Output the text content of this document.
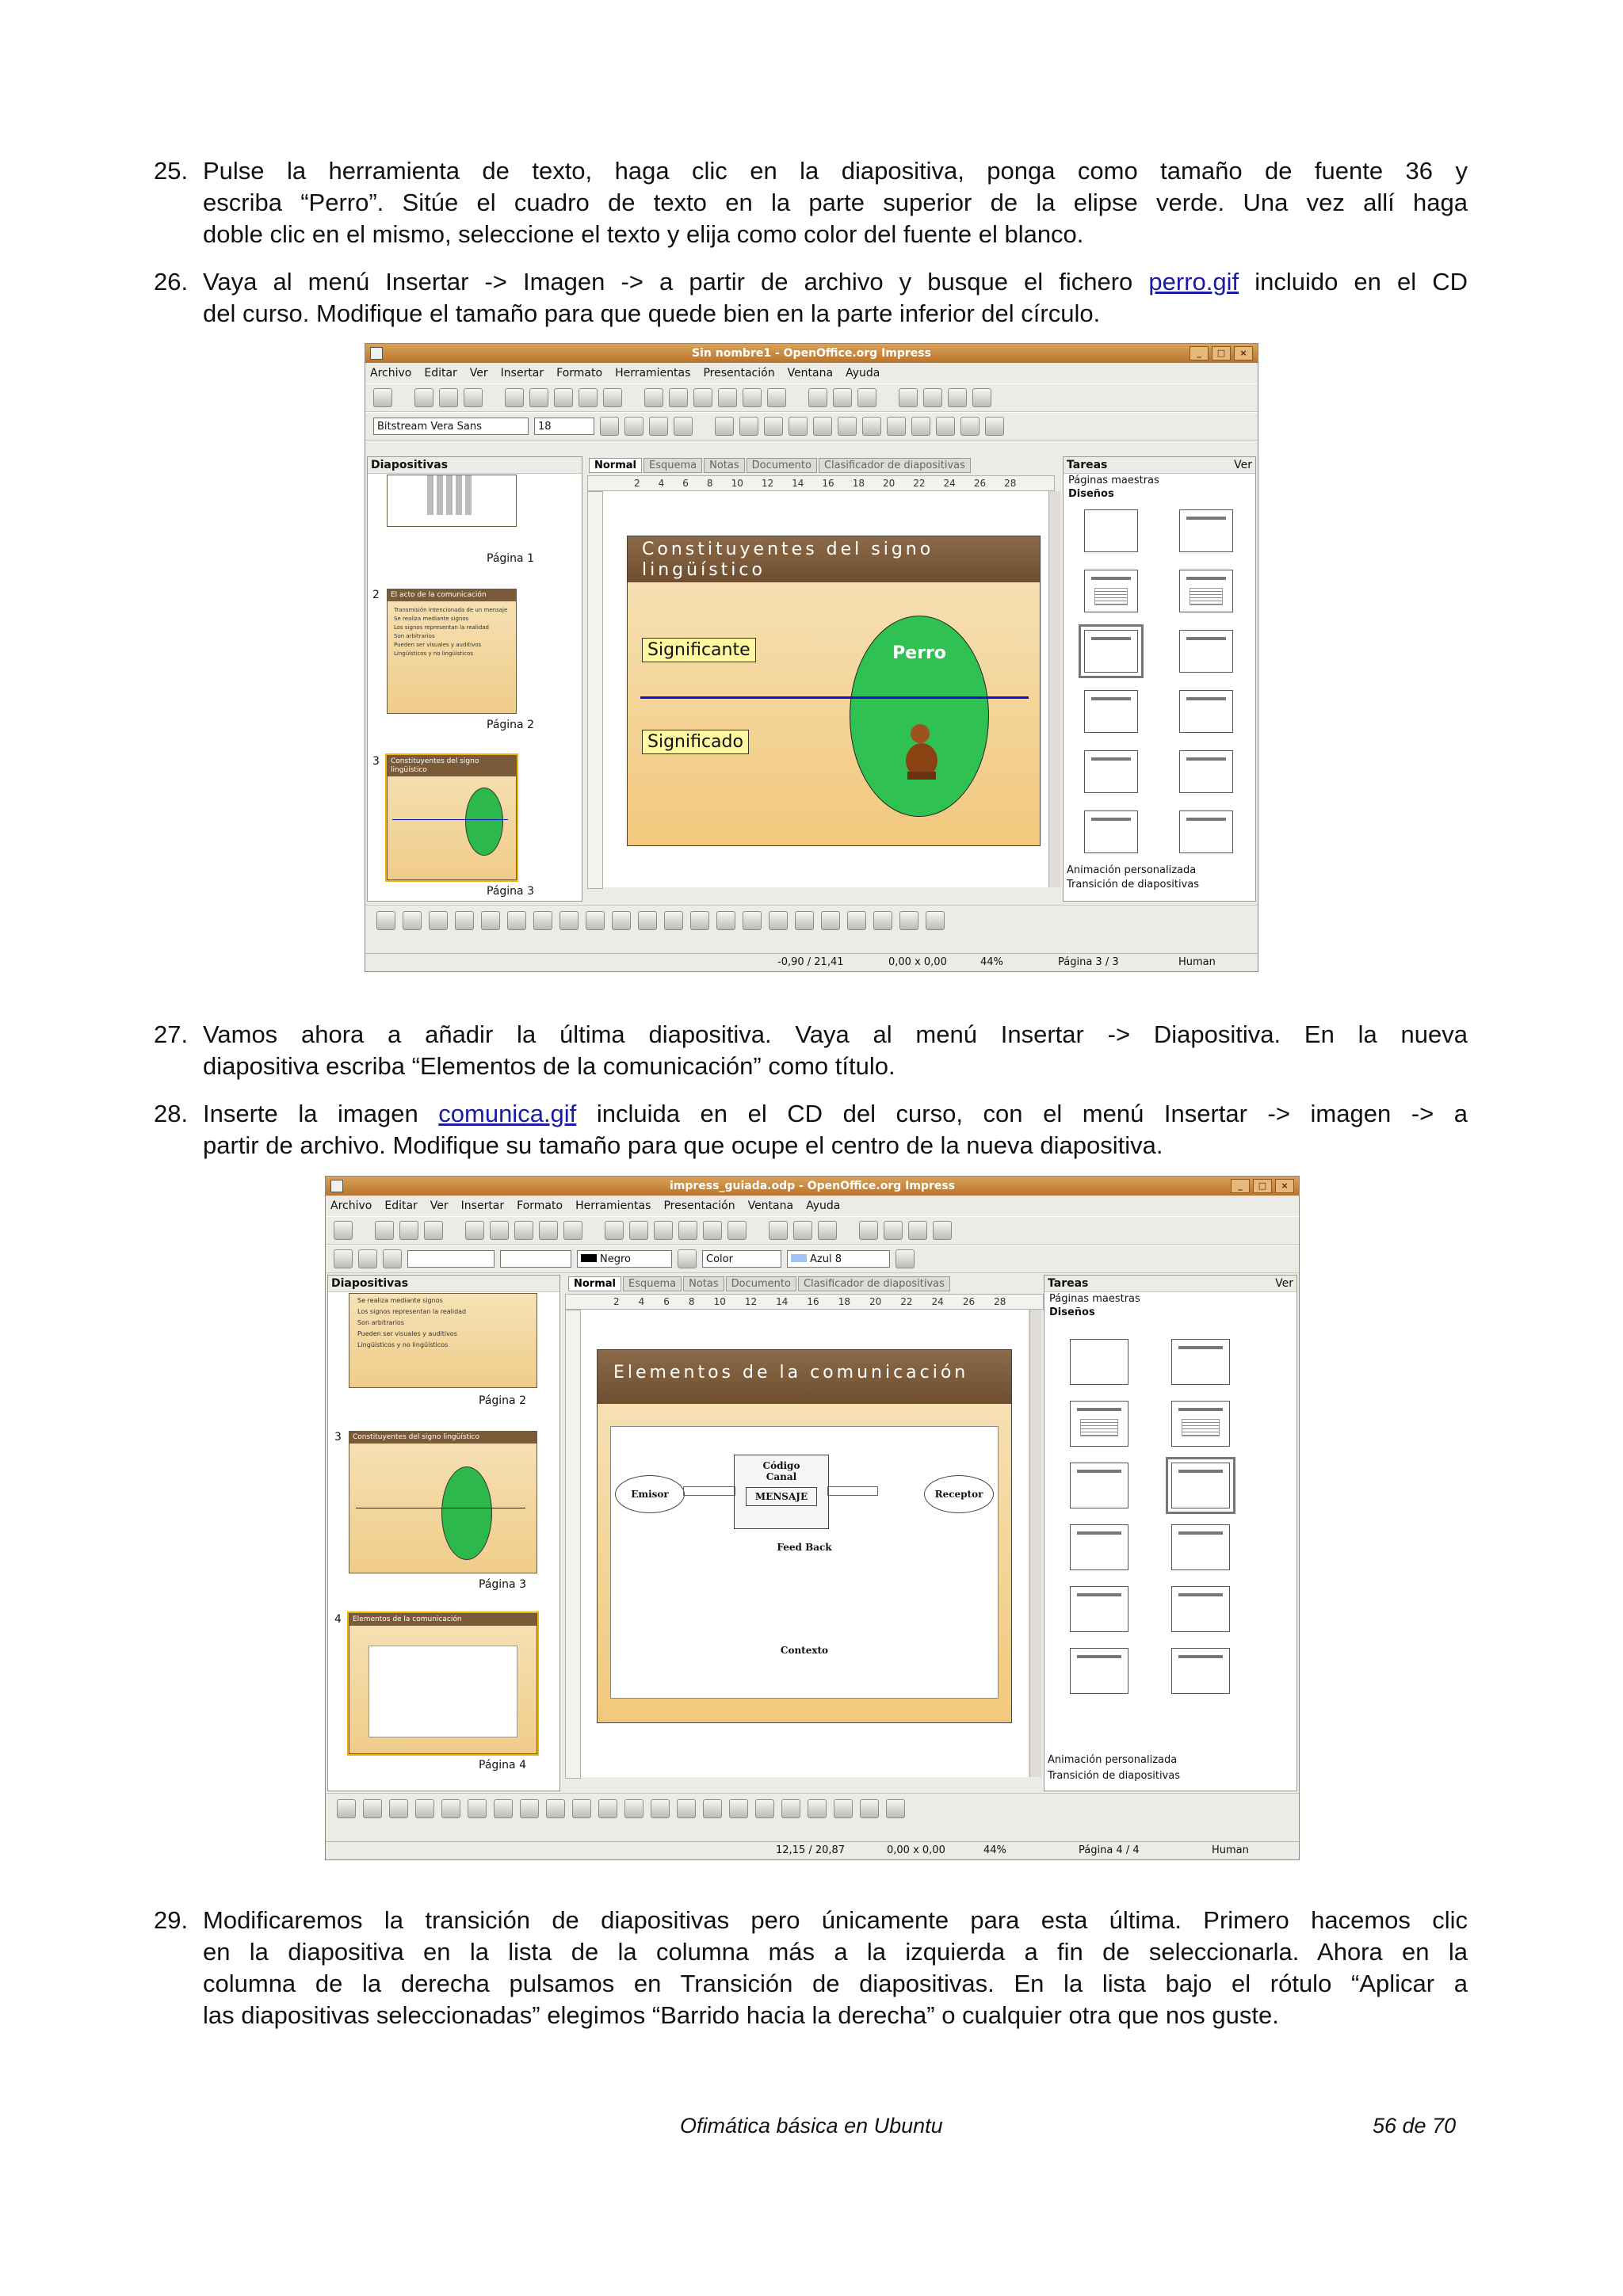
25. Pulse la herramienta de texto, haga clic en la diapositiva, ponga como tamaño de fuente 36 y
escriba “Perro”. Sitúe el cuadro de texto en la parte superior de la elipse verde. Una vez allí haga
doble clic en el mismo, seleccione el texto y elija como color del fuente el blanco.
26. Vaya al menú Insertar -> Imagen -> a partir de archivo y busque el fichero perro.gif incluido en el CD
del curso. Modifique el tamaño para que quede bien en la parte inferior del círculo.
Sin nombre1 - OpenOffice.org Impress	_	□	×
Archivo Editar Ver Insertar Formato Herramientas Presentación Ventana Ayuda
Bitstream Vera Sans	18
Diapositivas
Página 1
2	El acto de la comunicación
Transmisión intencionada de un mensaje
Se realiza mediante signos
Los signos representan la realidad
Son arbitrarios
Pueden ser visuales y auditivos
Lingüísticos y no lingüísticos
Página 2
3	Constituyentes del signo lingüístico
Página 3
Normal	Esquema	Notas	Documento	Clasificador de diapositivas
2 4 6 8 10 12 14 16 18 20 22 24 26 28
Constituyentes del signo lingüístico
Significante	Perro
Significado
Tareas	Ver
Páginas maestras
Diseños
Animación personalizada
Transición de diapositivas
-0,90 / 21,41	0,00 x 0,00	44%	Página 3 / 3	Human
27. Vamos ahora a añadir la última diapositiva. Vaya al menú Insertar -> Diapositiva. En la nueva
diapositiva escriba “Elementos de la comunicación” como título.
28. Inserte la imagen comunica.gif incluida en el CD del curso, con el menú Insertar -> imagen -> a
partir de archivo. Modifique su tamaño para que ocupe el centro de la nueva diapositiva.
impress_guiada.odp - OpenOffice.org Impress	_	□	×
Archivo Editar Ver Insertar Formato Herramientas Presentación Ventana Ayuda
Negro	Color	Azul 8
Diapositivas
Se realiza mediante signos
Los signos representan la realidad
Son arbitrarios
Pueden ser visuales y auditivos
Lingüísticos y no lingüísticos
Página 2
3	Constituyentes del signo lingüístico
Página 3
4	Elementos de la comunicación
Página 4
Normal	Esquema	Notas	Documento	Clasificador de diapositivas
2 4 6 8 10 12 14 16 18 20 22 24 26 28
Elementos de la comunicación
Código
Canal
MENSAJE
Emisor	Receptor
Feed Back
Contexto
Tareas	Ver
Páginas maestras
Diseños
Animación personalizada
Transición de diapositivas
12,15 / 20,87	0,00 x 0,00	44%	Página 4 / 4	Human
29. Modificaremos la transición de diapositivas pero únicamente para esta última. Primero hacemos clic
en la diapositiva en la lista de la columna más a la izquierda a fin de seleccionarla. Ahora en la
columna de la derecha pulsamos en Transición de diapositivas. En la lista bajo el rótulo “Aplicar a
las diapositivas seleccionadas” elegimos “Barrido hacia la derecha” o cualquier otra que nos guste.
Ofimática básica en Ubuntu	56 de 70
